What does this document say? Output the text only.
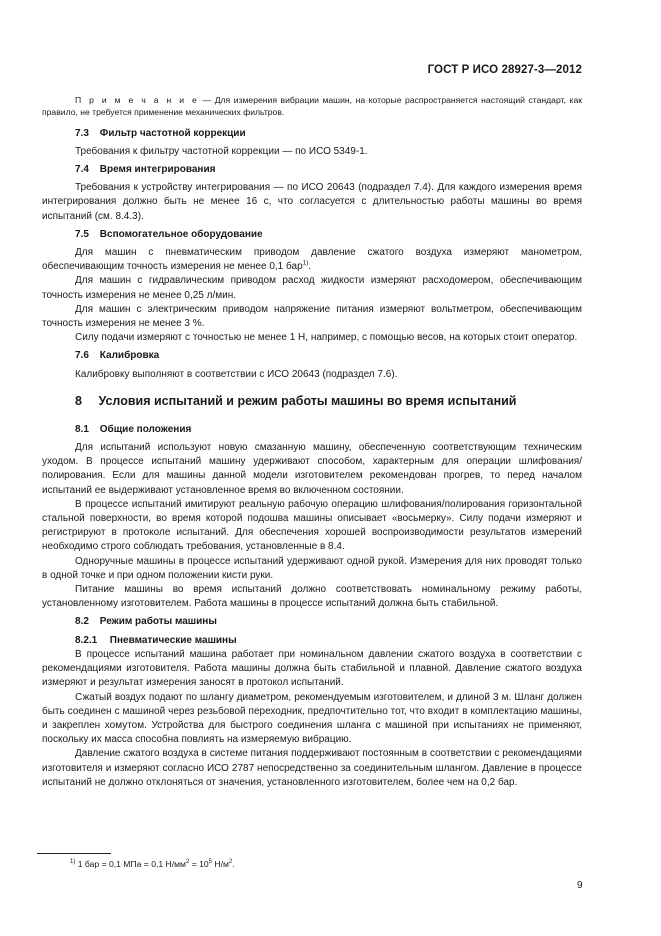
ГОСТ Р ИСО 28927-3—2012

П р и м е ч а н и е — Для измерения вибрации машин, на которые распространяется настоящий стандарт, как правило, не требуется применение механических фильтров.

7.3 Фильтр частотной коррекции

Требования к фильтру частотной коррекции — по ИСО 5349-1.

7.4 Время интегрирования

Требования к устройству интегрирования — по ИСО 20643 (подраздел 7.4). Для каждого измерения время интегрирования должно быть не менее 16 с, что согласуется с длительностью работы машины во время испытаний (см. 8.4.3).

7.5 Вспомогательное оборудование

Для машин с пневматическим приводом давление сжатого воздуха измеряют манометром, обеспечивающим точность измерения не менее 0,1 бар$^{1)}$.

Для машин с гидравлическим приводом расход жидкости измеряют расходомером, обеспечивающим точность измерения не менее 0,25 л/мин.

Для машин с электрическим приводом напряжение питания измеряют вольтметром, обеспечивающим точность измерения не менее 3 %.

Силу подачи измеряют с точностью не менее 1 Н, например, с помощью весов, на которых стоит оператор.

7.6 Калибровка

Калибровку выполняют в соответствии с ИСО 20643 (подраздел 7.6).

8 Условия испытаний и режим работы машины во время испытаний
8.1 Общие положения

Для испытаний используют новую смазанную машину, обеспеченную соответствующим техническим уходом. В процессе испытаний машину удерживают способом, характерным для операции шлифования/полирования. Если для машины данной модели изготовителем рекомендован прогрев, то перед началом испытаний ее выдерживают установленное время во включенном состоянии.

В процессе испытаний имитируют реальную рабочую операцию шлифования/полирования горизонтальной стальной поверхности, во время которой подошва машины описывает «восьмерку». Силу подачи измеряют и регистрируют в протоколе испытаний. Для обеспечения хорошей воспроизводимости результатов измерений необходимо строго соблюдать требования, установленные в 8.4.

Одноручные машины в процессе испытаний удерживают одной рукой. Измерения для них проводят только в одной точке и при одном положении кисти руки.

Питание машины во время испытаний должно соответствовать номинальному режиму работы, установленному изготовителем. Работа машины в процессе испытаний должна быть стабильной.

8.2 Режим работы машины
8.2.1 Пневматические машины

В процессе испытаний машина работает при номинальном давлении сжатого воздуха в соответствии с рекомендациями изготовителя. Работа машины должна быть стабильной и плавной. Давление сжатого воздуха измеряют и результат измерения заносят в протокол испытаний.

Сжатый воздух подают по шлангу диаметром, рекомендуемым изготовителем, и длиной 3 м. Шланг должен быть соединен с машиной через резьбовой переходник, предпочтительно тот, что входит в комплектацию машины, и закреплен хомутом. Устройства для быстрого соединения шланга с машиной при испытаниях не применяют, поскольку их масса способна повлиять на измеряемую вибрацию.

Давление сжатого воздуха в системе питания поддерживают постоянным в соответствии с рекомендациями изготовителя и измеряют согласно ИСО 2787 непосредственно за соединительным шлангом. Давление в процессе испытаний не должно отклоняться от значения, установленного изготовителем, более чем на 0,2 бар.

$^{1)}$ 1 бар = 0,1 МПа = 0,1 $Н/мм^2 = 10^5$ $Н/м^2$.
9
